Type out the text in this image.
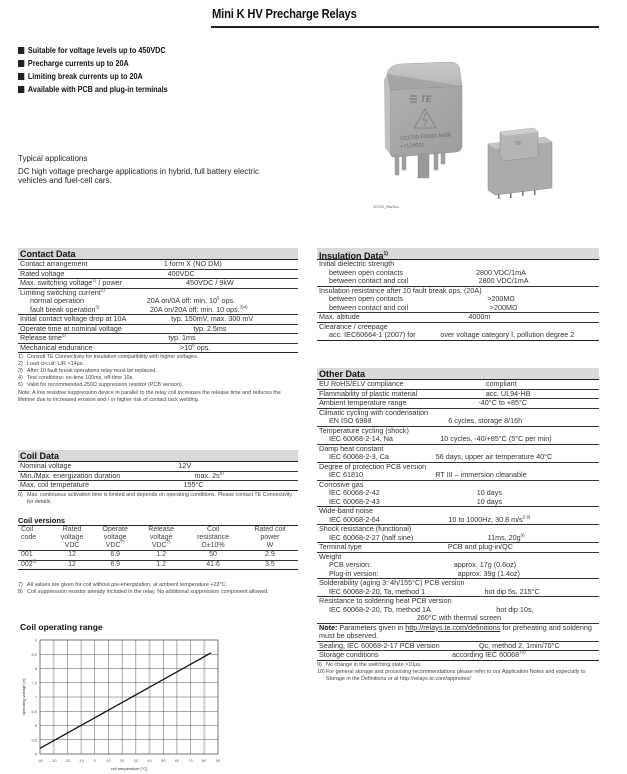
Mini K HV Precharge Relays
Suitable for voltage levels up to 450VDC
Precharge currents up to 20A
Limiting break currents up to 20A
Available with PCB and plug-in terminals
Typical applications
DC high voltage precharge applications in hybrid, full battery electric vehicles and fuel-cell cars.
TE
V23700-F0002-A408
++124031	TE
30700_fbw5co
Contact Data
Contact arrangement	1 form X (NO DM)
Rated voltage	400VDC
Max. switching voltage$^{1)}$ / power	450VDC / 9kW
Limiting switching current$^{2)}$
normal operation	20A on/0A off: min. 10$^5$ ops.
fault break operation$^{3)}$	20A on/20A off: min. 10 ops.$^{3)4)}$
Initial contact voltage drop at 10A	typ. 150mV, max. 300 mV
Operate time at nominal voltage	typ. 2.5ms
Release time$^{5)}$	typ. 1ms
Mechanical endurance	>10$^6$ ops.
1) Consult TE Connectivity for insulation compatibility with higher voltages.
2) Load circuit: L/R <14µs.
3) After 10 fault break operations relay must be replaced.
4) Test conditions: on-time 100ms, off-time 10s.
5) Valid for recommended 250Ω suppression resistor (PCB version).
Note: A low resistive suppression device in parallel to the relay coil increases the release time and reduces the lifetime due to increased erosion and / or higher risk of contact tack welding.
Coil Data
Nominal voltage	12V
Min./Max. energization duration	max. 2s$^{6)}$
Max. coil temperature	155°C
6) Max. continuous activation time is limited and depends on operating conditions. Please contact TE Connectivity for details.
Coil versions
Coil	Rated	Operate	Release	Coil	Rated coil
code	voltage	voltage	voltage	resistance	power
	VDC	VDC$^{7)}$	VDC$^{7)}$	Ω±10%	W
001	12	6.9	1.2	50	2.9
002$^{8)}$	12	6.9	1.2	41.6	3.5
7) All values are given for coil without pre-energization, at ambient temperature +23°C.
8) Coil suppression resistor already included in the relay. No additional suppression component allowed.
Coil operating range
-40 -30 -20 -10 0	10 20 30 40 50 60 70 80 90
5
5,5
6
6,5
7
7,5
8
8,5
9
coil temperature [°C]
operating voltage [V]
Insulation Data$^{1)}$
Initial dielectric strength
between open contacts	2800 VDC/1mA
between contact and coil	2800 VDC/1mA
Insulation resistance after 10 fault break ops. (20A)
between open contacts	>200MΩ
between contact and coil	>200MΩ
Max. altitude	4000m
Clearance / creepage
acc. IEC60664-1 (2007) for	over voltage category I, pollution degree 2
Other Data
EU RoHS/ELV compliance	compliant
Flammability of plastic material	acc. UL94-HB
Ambient temperature range	-40°C to +85°C
Climatic cycling with condensation
EN ISO 6988	6 cycles, storage 8/16h
Temperature cycling (shock)
IEC 60068-2-14, Na	10 cycles, -40/+85°C (5°C per min)
Damp heat constant
IEC 60068-2-3, Ca	56 days, upper air temperature 40°C
Degree of protection PCB version
IEC 61810	RT III – immersion cleanable
Corrosive gas
IEC 60068-2-42	10 days
IEC 60068-2-43	10 days
Wide-band noise
IEC 60068-2-64	10 to 1000Hz, 30.8 m/s$^{2 9)}$
Shock resistance (functional)
IEC 60068-2-27 (half sine)	11ms, 20g$^{9)}$
Terminal type	PCB and plug-in/QC
Weight
PCB version:	approx. 17g (0.6oz)
Plug-in version:	approx. 39g (1.4oz)
Solderability (aging 3: 4h/155°C) PCB version
IEC 60068-2-20, Ta, method 1	hot dip 5s, 215°C
Resistance to soldering heat PCB version
IEC 60068-2-20, Tb, method 1A	hot dip 10s,
260°C with thermal screen
Note: Parameters given in http://relays.te.com/definitions for preheating and soldering must be observed.
Sealing, IEC 60068-2-17 PCB version	Qc, method 2, 1min/70°C
Storage conditions	according IEC 60068$^{10)}$
9) No change in the switching state >10µs.
10) For general storage and processing recommendations please refer to our Application Notes and especially to Storage in the Definitions or at http://relays.te.com/appnotes/
